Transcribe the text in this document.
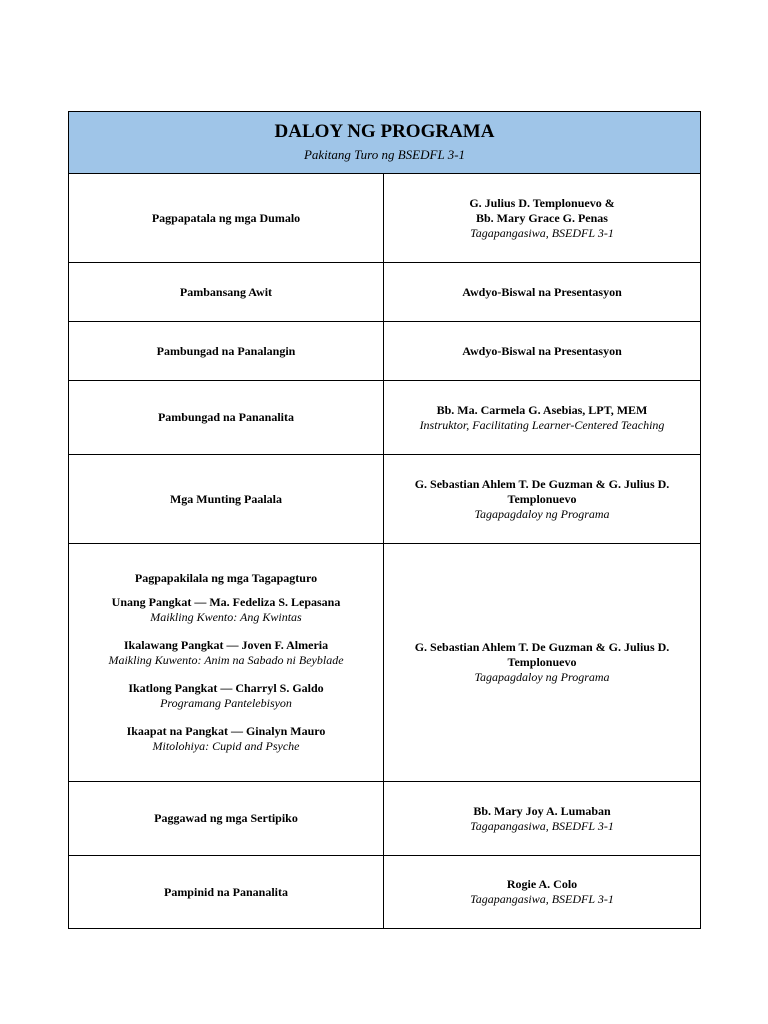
DALOY NG PROGRAMA
Pakitang Turo ng BSEDFL 3-1
Pagpapatala ng mga Dumalo
G. Julius D. Templonuevo &
Bb. Mary Grace G. Penas
Tagapangasiwa, BSEDFL 3-1
Pambansang Awit	Awdyo-Biswal na Presentasyon
Pambungad na Panalangin	Awdyo-Biswal na Presentasyon
Pambungad na Pananalita
Bb. Ma. Carmela G. Asebias, LPT, MEM
Instruktor, Facilitating Learner-Centered Teaching
Mga Munting Paalala
G. Sebastian Ahlem T. De Guzman & G. Julius D.
Templonuevo
Tagapagdaloy ng Programa
Pagpapakilala ng mga Tagapagturo
Unang Pangkat — Ma. Fedeliza S. Lepasana
Maikling Kwento: Ang Kwintas
Ikalawang Pangkat — Joven F. Almeria
Maikling Kuwento: Anim na Sabado ni Beyblade
Ikatlong Pangkat — Charryl S. Galdo
Programang Pantelebisyon
Ikaapat na Pangkat — Ginalyn Mauro
Mitolohiya: Cupid and Psyche
G. Sebastian Ahlem T. De Guzman & G. Julius D.
Templonuevo
Tagapagdaloy ng Programa
Paggawad ng mga Sertipiko
Bb. Mary Joy A. Lumaban
Tagapangasiwa, BSEDFL 3-1
Pampinid na Pananalita
Rogie A. Colo
Tagapangasiwa, BSEDFL 3-1
